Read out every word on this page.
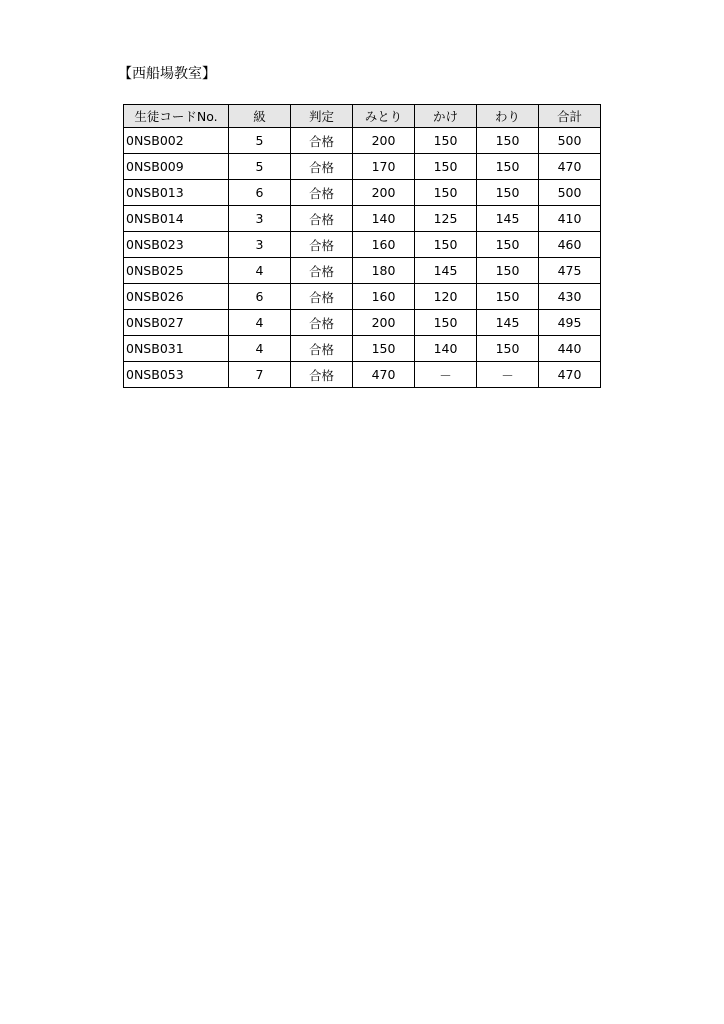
【西船場教室】
生徒コードNo.	級	判定	みとり	かけ	わり	合計
0NSB002	5	合格	200	150	150	500
0NSB009	5	合格	170	150	150	470
0NSB013	6	合格	200	150	150	500
0NSB014	3	合格	140	125	145	410
0NSB023	3	合格	160	150	150	460
0NSB025	4	合格	180	145	150	475
0NSB026	6	合格	160	120	150	430
0NSB027	4	合格	200	150	145	495
0NSB031	4	合格	150	140	150	440
0NSB053	7	合格	470	－	－	470
